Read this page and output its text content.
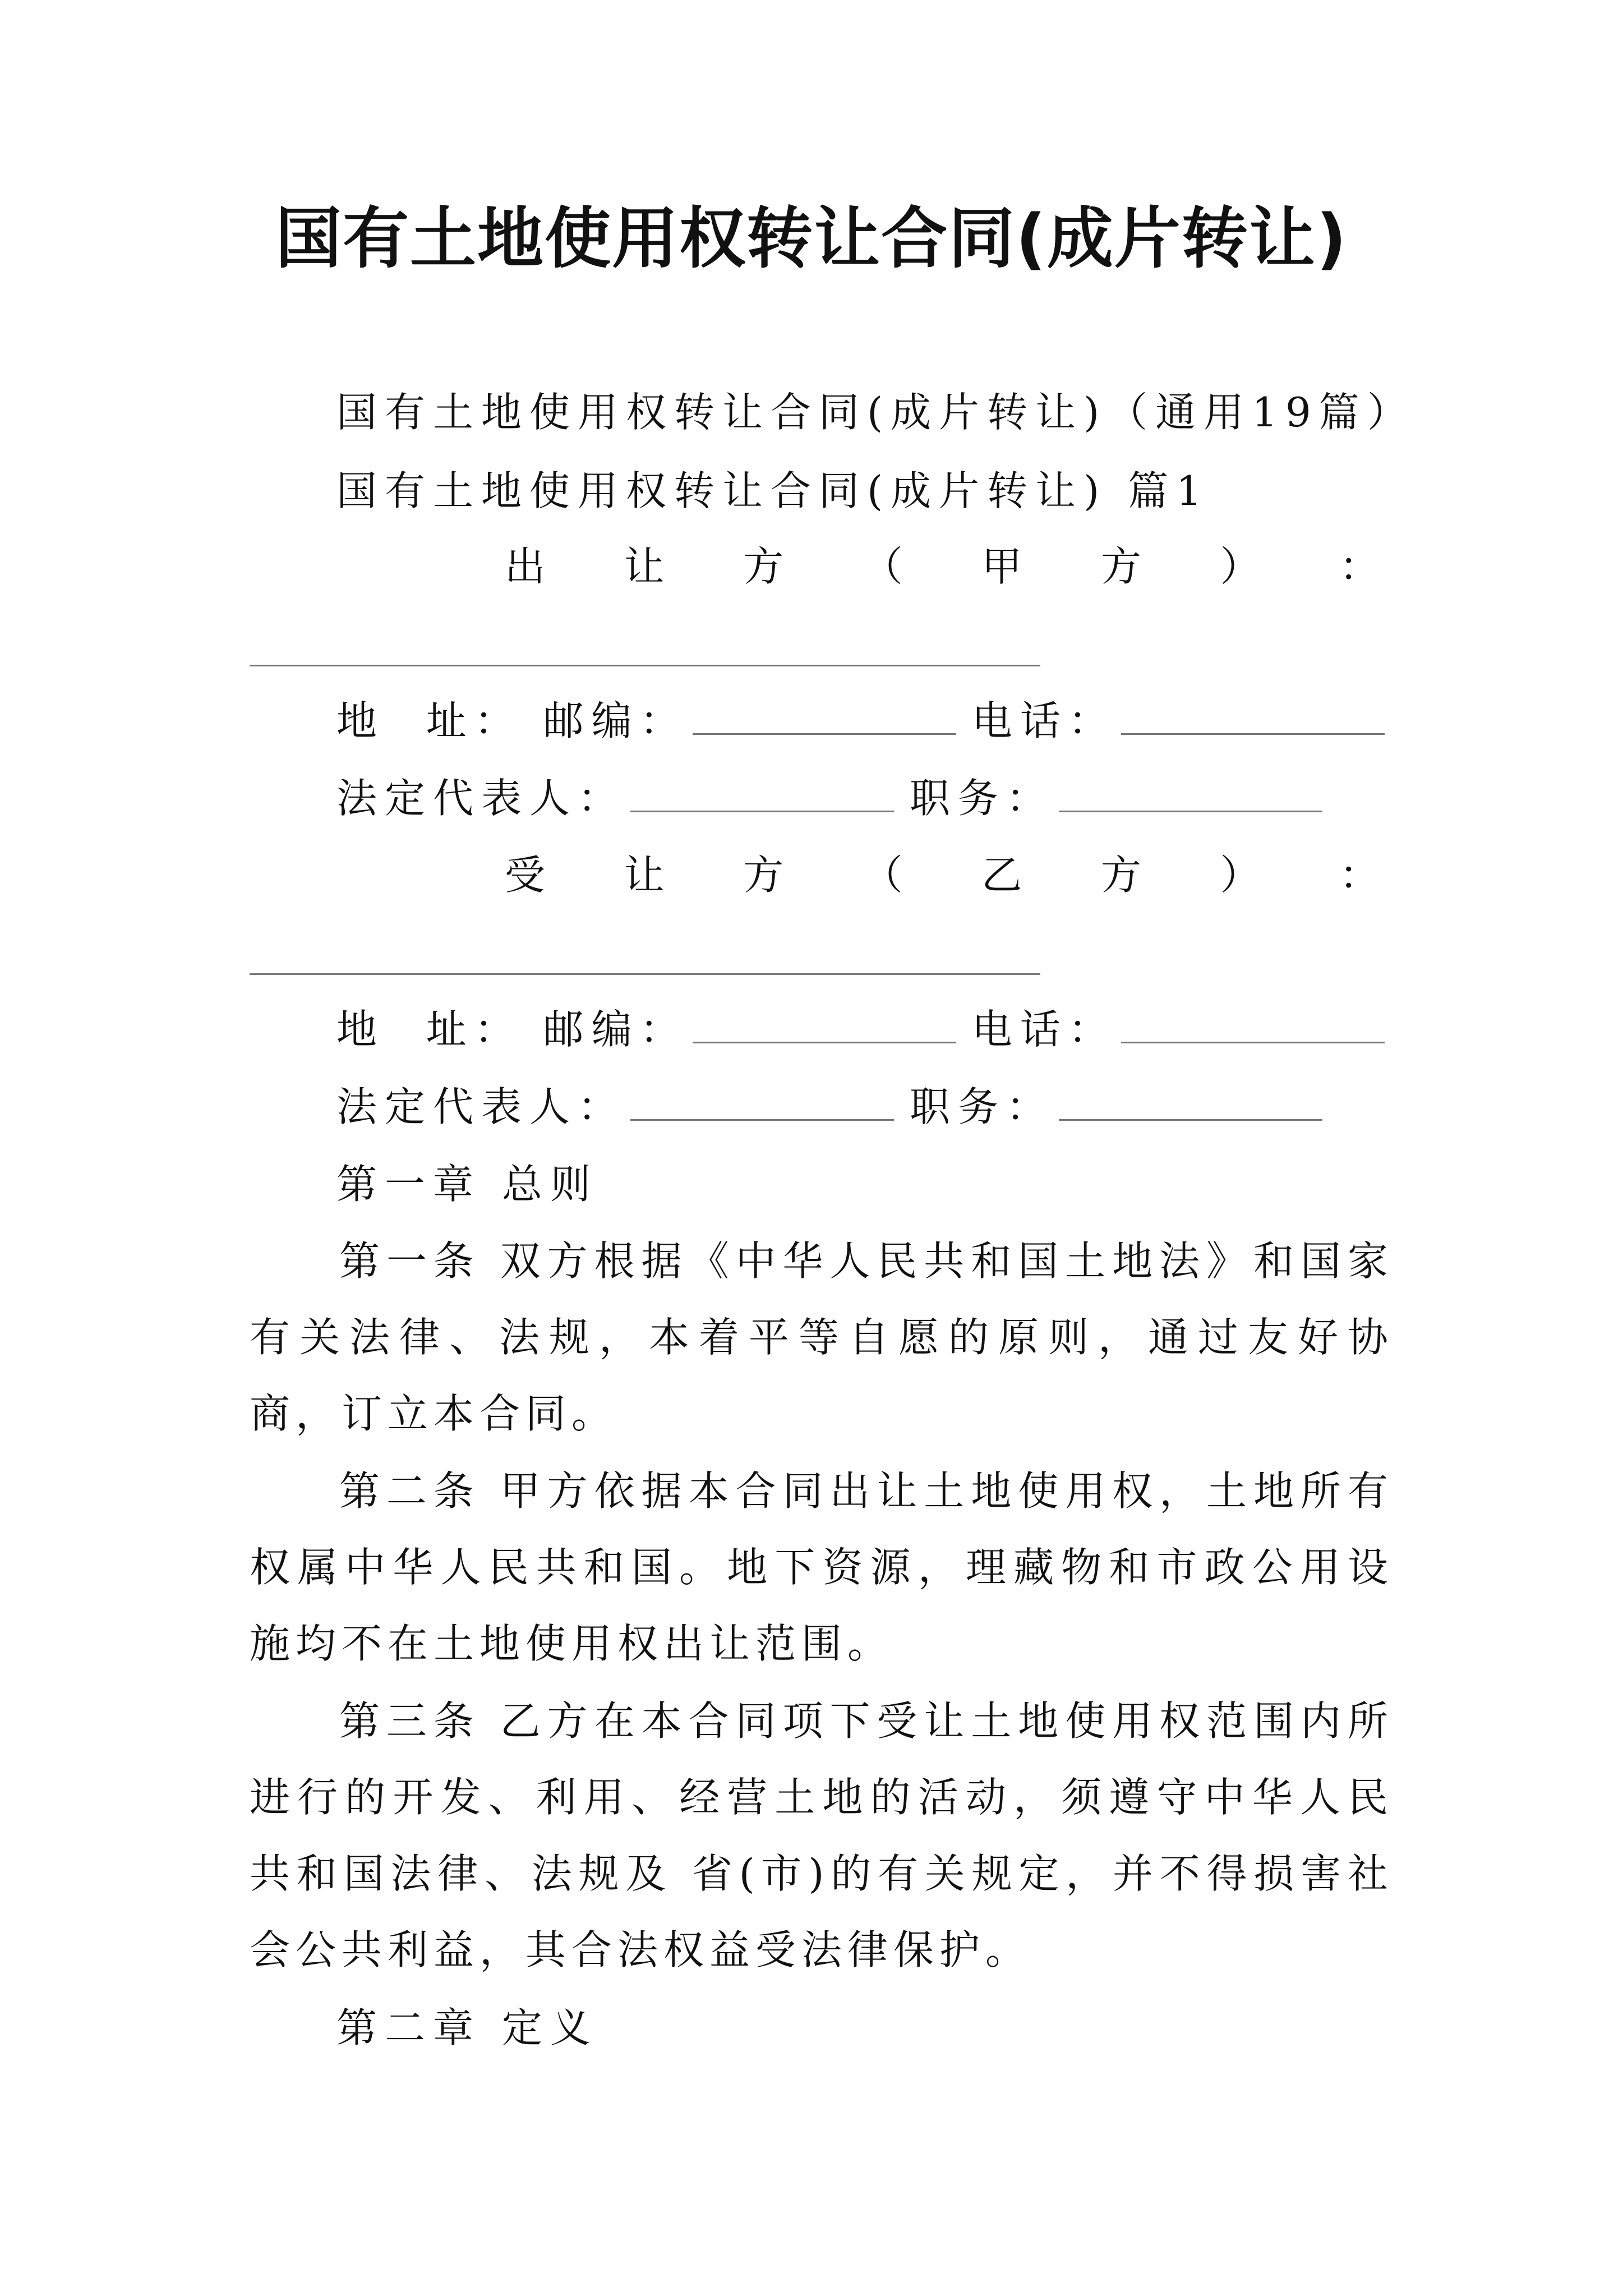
国有土地使用权转让合同(成片转让)
国有土地使用权转让合同(成片转让)（通用19篇）
国有土地使用权转让合同(成片转让) 篇1
出 让 方 （ 甲 方 ） ：
地  址： 邮编：	电话：
法定代表人：	职务：
受 让 方 （ 乙 方 ） ：
地  址： 邮编：	电话：
法定代表人：	职务：
第一章 总则
第一条 双方根据《中华人民共和国土地法》和国家有关法律、法规，本着平等自愿的原则，通过友好协商，订立本合同。
第二条 甲方依据本合同出让土地使用权，土地所有权属中华人民共和国。地下资源，理藏物和市政公用设施均不在土地使用权出让范围。
第三条 乙方在本合同项下受让土地使用权范围内所进行的开发、利用、经营土地的活动，须遵守中华人民共和国法律、法规及 省(市)的有关规定，并不得损害社会公共利益，其合法权益受法律保护。
第二章 定义
